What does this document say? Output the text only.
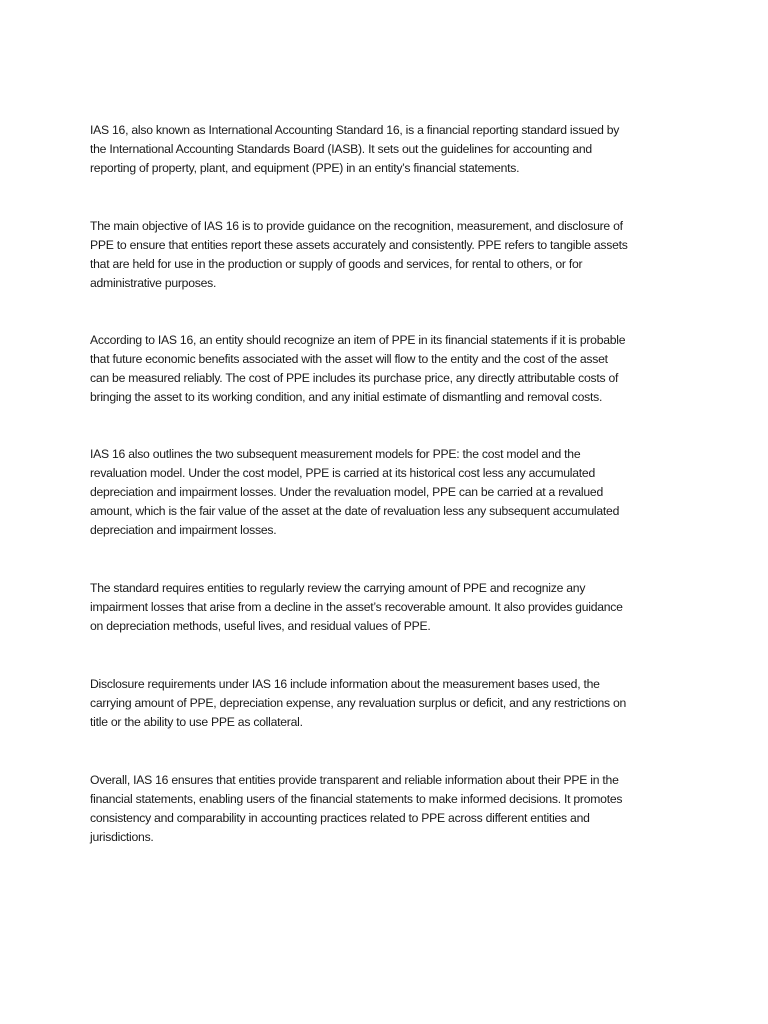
IAS 16, also known as International Accounting Standard 16, is a financial reporting standard issued by
the International Accounting Standards Board (IASB). It sets out the guidelines for accounting and
reporting of property, plant, and equipment (PPE) in an entity’s financial statements.

The main objective of IAS 16 is to provide guidance on the recognition, measurement, and disclosure of
PPE to ensure that entities report these assets accurately and consistently. PPE refers to tangible assets
that are held for use in the production or supply of goods and services, for rental to others, or for
administrative purposes.

According to IAS 16, an entity should recognize an item of PPE in its financial statements if it is probable
that future economic benefits associated with the asset will flow to the entity and the cost of the asset
can be measured reliably. The cost of PPE includes its purchase price, any directly attributable costs of
bringing the asset to its working condition, and any initial estimate of dismantling and removal costs.

IAS 16 also outlines the two subsequent measurement models for PPE: the cost model and the
revaluation model. Under the cost model, PPE is carried at its historical cost less any accumulated
depreciation and impairment losses. Under the revaluation model, PPE can be carried at a revalued
amount, which is the fair value of the asset at the date of revaluation less any subsequent accumulated
depreciation and impairment losses.

The standard requires entities to regularly review the carrying amount of PPE and recognize any
impairment losses that arise from a decline in the asset’s recoverable amount. It also provides guidance
on depreciation methods, useful lives, and residual values of PPE.

Disclosure requirements under IAS 16 include information about the measurement bases used, the
carrying amount of PPE, depreciation expense, any revaluation surplus or deficit, and any restrictions on
title or the ability to use PPE as collateral.

Overall, IAS 16 ensures that entities provide transparent and reliable information about their PPE in the
financial statements, enabling users of the financial statements to make informed decisions. It promotes
consistency and comparability in accounting practices related to PPE across different entities and
jurisdictions.
